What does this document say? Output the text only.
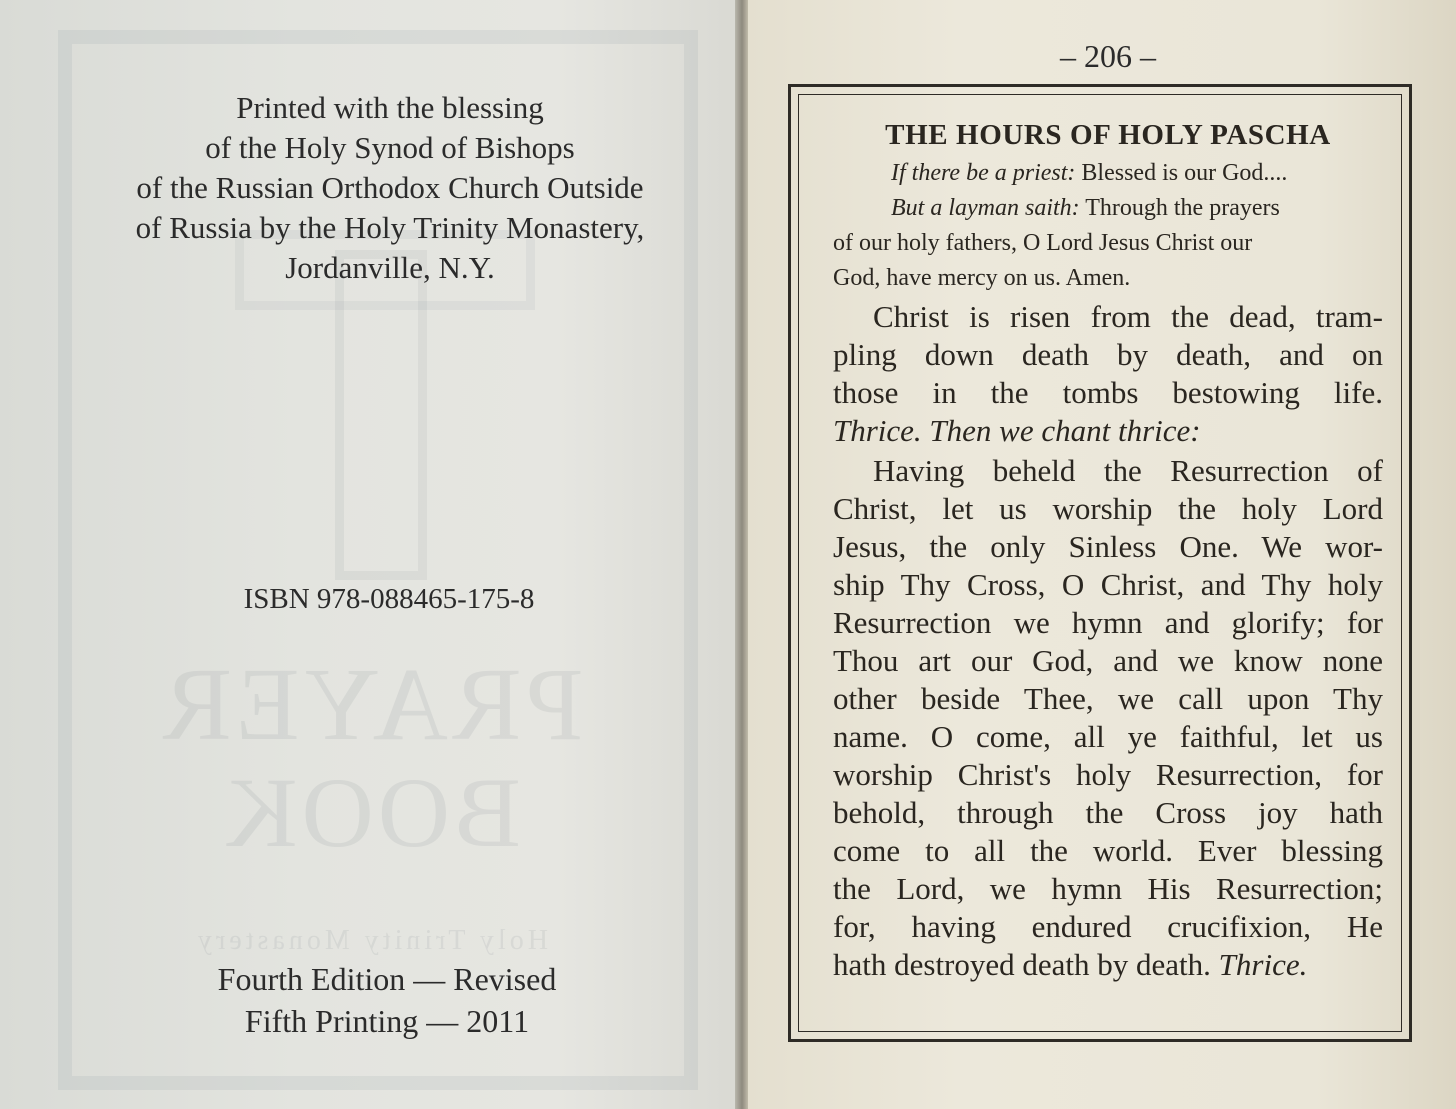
PRAYER
BOOK
Holy Trinity Monastery
Printed with the blessing
of the Holy Synod of Bishops
of the Russian Orthodox Church Outside
of Russia by the Holy Trinity Monastery,
Jordanville, N.Y.
ISBN 978-088465-175-8
Fourth Edition — Revised
Fifth Printing — 2011
– 206 –
THE HOURS OF HOLY PASCHA
If there be a priest: Blessed is our God....
But a layman saith: Through the prayers
of our holy fathers, O Lord Jesus Christ our
God, have mercy on us. Amen.
Christ is risen from the dead, tram-
pling down death by death, and on
those in the tombs bestowing life.
Thrice. Then we chant thrice:
Having beheld the Resurrection of
Christ, let us worship the holy Lord
Jesus, the only Sinless One. We wor-
ship Thy Cross, O Christ, and Thy holy
Resurrection we hymn and glorify; for
Thou art our God, and we know none
other beside Thee, we call upon Thy
name. O come, all ye faithful, let us
worship Christ's holy Resurrection, for
behold, through the Cross joy hath
come to all the world. Ever blessing
the Lord, we hymn His Resurrection;
for, having endured crucifixion, He
hath destroyed death by death. Thrice.
